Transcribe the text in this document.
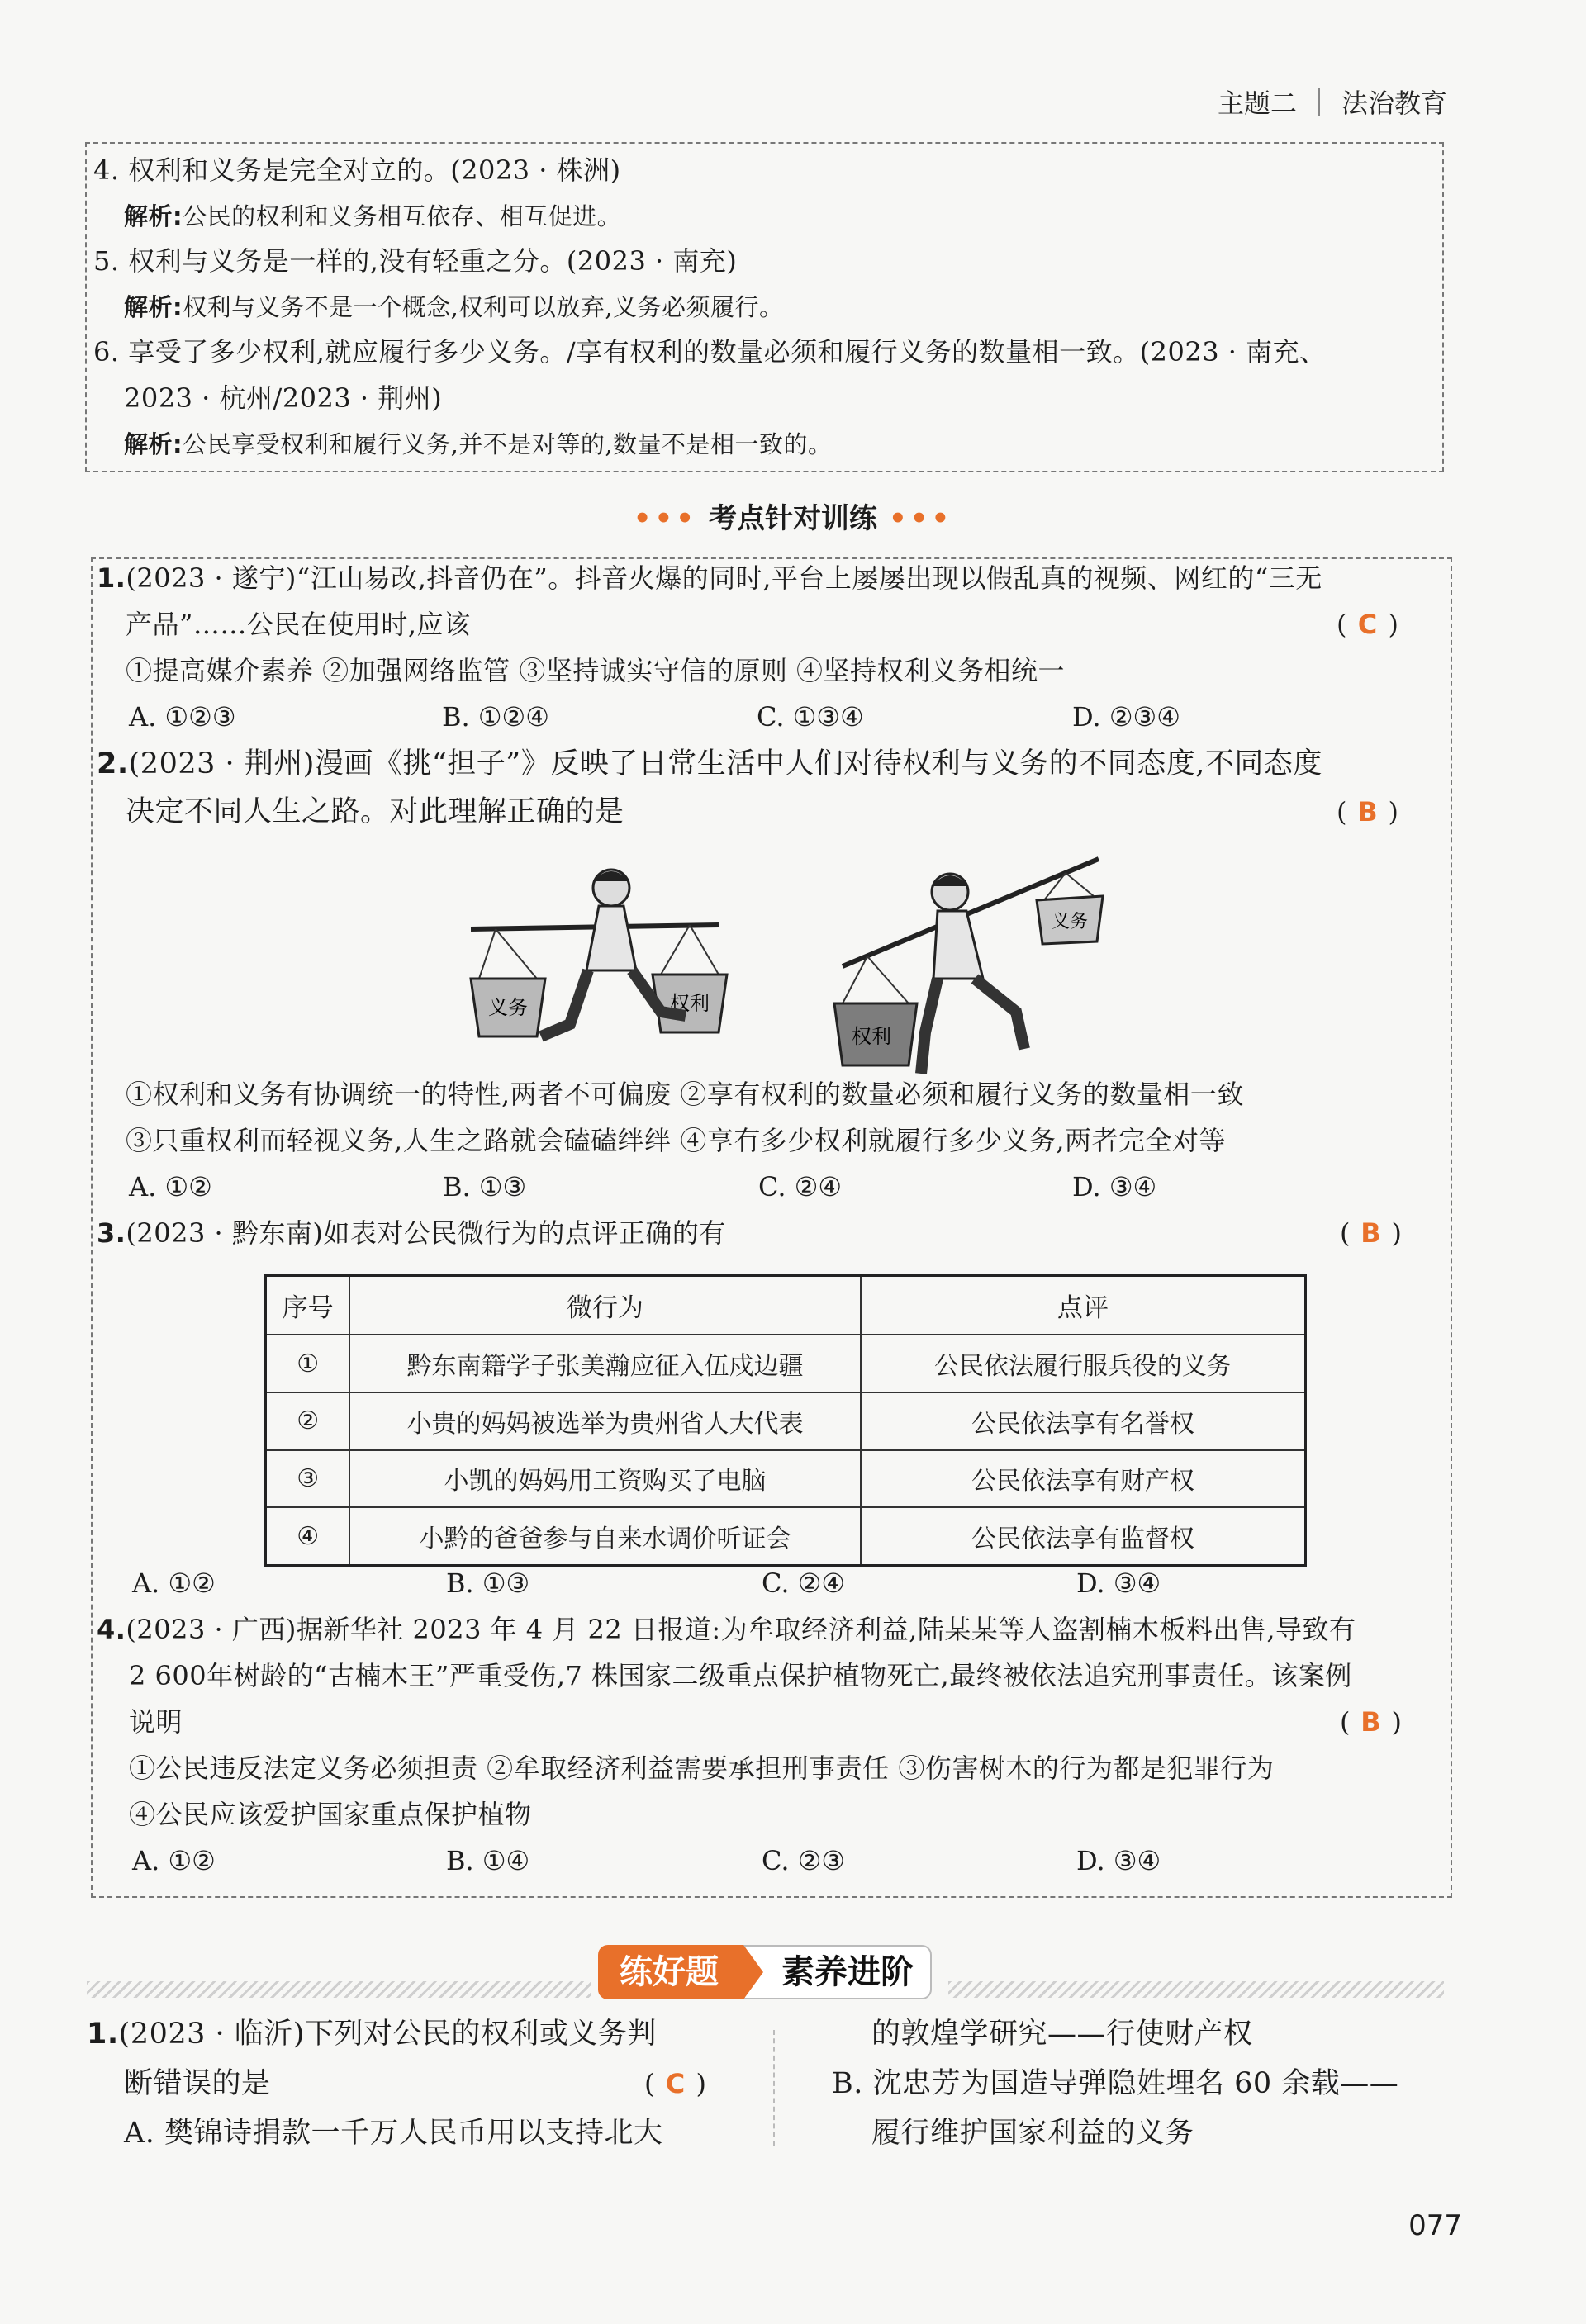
主题二 法治教育
4. 权利和义务是完全对立的。(2023 · 株洲)
解析:公民的权利和义务相互依存、相互促进。
5. 权利与义务是一样的,没有轻重之分。(2023 · 南充)
解析:权利与义务不是一个概念,权利可以放弃,义务必须履行。
6. 享受了多少权利,就应履行多少义务。/享有权利的数量必须和履行义务的数量相一致。(2023 · 南充、
2023 · 杭州/2023 · 荆州)
解析:公民享受权利和履行义务,并不是对等的,数量不是相一致的。
••• 考点针对训练 •••
1.(2023 · 遂宁)“江山易改,抖音仍在”。抖音火爆的同时,平台上屡屡出现以假乱真的视频、网红的“三无
产品”……公民在使用时,应该	( C )
①提高媒介素养 ②加强网络监管 ③坚持诚实守信的原则 ④坚持权利义务相统一
A. ①②③	B. ①②④	C. ①③④	D. ②③④
2.(2023 · 荆州)漫画《挑“担子”》反映了日常生活中人们对待权利与义务的不同态度,不同态度
决定不同人生之路。对此理解正确的是	( B )
义务	权利
义务
权利
①权利和义务有协调统一的特性,两者不可偏废 ②享有权利的数量必须和履行义务的数量相一致
③只重权利而轻视义务,人生之路就会磕磕绊绊 ④享有多少权利就履行多少义务,两者完全对等
A. ①②	B. ①③	C. ②④	D. ③④
3.(2023 · 黔东南)如表对公民微行为的点评正确的有	( B )
序号	微行为	点评
①	黔东南籍学子张美瀚应征入伍戍边疆	公民依法履行服兵役的义务
②	小贵的妈妈被选举为贵州省人大代表	公民依法享有名誉权
③	小凯的妈妈用工资购买了电脑	公民依法享有财产权
④	小黔的爸爸参与自来水调价听证会	公民依法享有监督权
A. ①②	B. ①③	C. ②④	D. ③④
4.(2023 · 广西)据新华社 2023 年 4 月 22 日报道:为牟取经济利益,陆某某等人盗割楠木板料出售,导致有
2 600年树龄的“古楠木王”严重受伤,7 株国家二级重点保护植物死亡,最终被依法追究刑事责任。该案例
说明	( B )
①公民违反法定义务必须担责 ②牟取经济利益需要承担刑事责任 ③伤害树木的行为都是犯罪行为
④公民应该爱护国家重点保护植物
A. ①②	B. ①④	C. ②③	D. ③④
练好题	素养进阶
1.(2023 · 临沂)下列对公民的权利或义务判
断错误的是	( C )
A. 樊锦诗捐款一千万人民币用以支持北大
的敦煌学研究——行使财产权
B. 沈忠芳为国造导弹隐姓埋名 60 余载——
履行维护国家利益的义务
077
